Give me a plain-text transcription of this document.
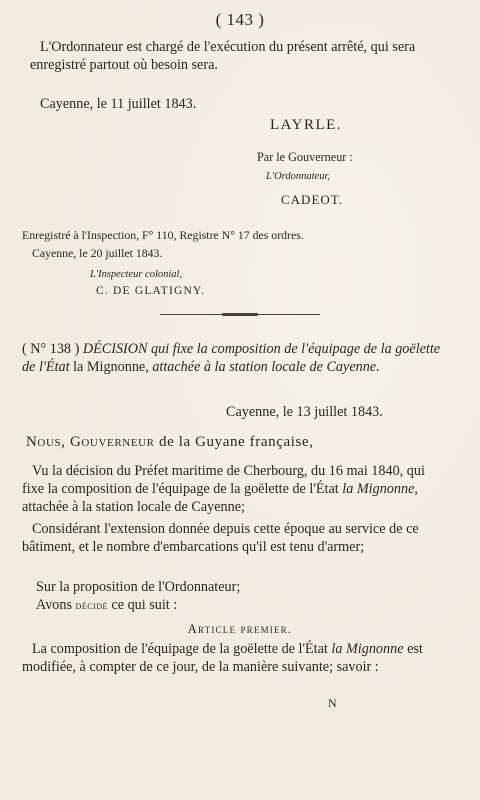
( 143 )

L'Ordonnateur est chargé de l'exécution du présent arrêté, qui sera enregistré partout où besoin sera.

Cayenne, le 11 juillet 1843.
LAYRLE.
Par le Gouverneur :
L'Ordonnateur,
CADEOT.
Enregistré à l'Inspection, F° 110, Registre N° 17 des ordres.
Cayenne, le 20 juillet 1843.
L'Inspecteur colonial,
C. DE GLATIGNY.

( N° 138 ) DÉCISION qui fixe la composition de l'équipage de la goëlette de l'État la Mignonne, attachée à la station locale de Cayenne.

Cayenne, le 13 juillet 1843.
Nous, Gouverneur de la Guyane française,

Vu la décision du Préfet maritime de Cherbourg, du 16 mai 1840, qui fixe la composition de l'équipage de la goëlette de l'État la Mignonne, attachée à la station locale de Cayenne;

Considérant l'extension donnée depuis cette époque au service de ce bâtiment, et le nombre d'embarcations qu'il est tenu d'armer;

Sur la proposition de l'Ordonnateur;
Avons décidé ce qui suit :
Article premier.

La composition de l'équipage de la goëlette de l'État la Mignonne est modifiée, à compter de ce jour, de la manière suivante; savoir :

N
